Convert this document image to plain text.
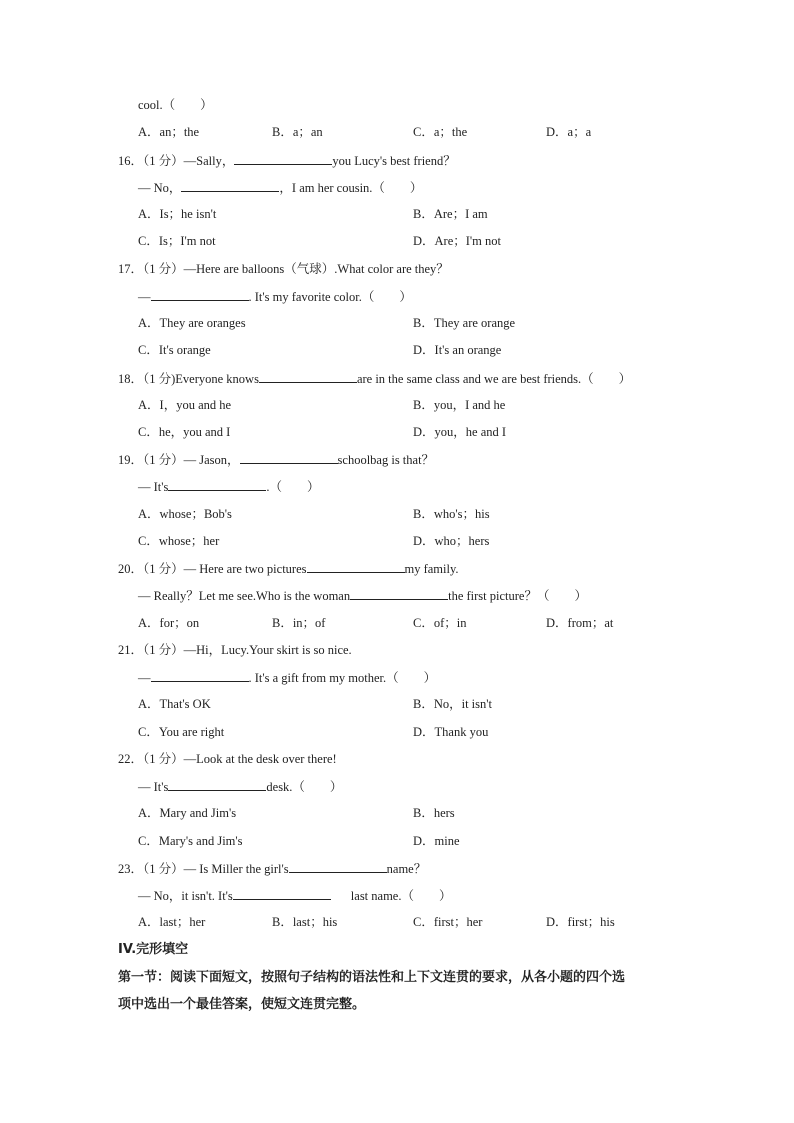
cool.（　　）
A．an；the	B．a；an	C．a；the	D．a；a
16．（1 分）—Sally，	you Lucy's best friend？
— No，	，I am her cousin.（　　）
A．Is；he isn't	B．Are；I am
C．Is；I'm not	D．Are；I'm not
17．（1 分）—Here are balloons（气球）.What color are they？
—	. It's my favorite color.（　　）
A．They are oranges	B．They are orange
C．It's orange	D．It's an orange
18．（1 分)Everyone knows	are in the same class and we are best friends.（　　）
A．I，you and he	B．you，I and he
C．he，you and I	D．you，he and I
19．（1 分）— Jason，	schoolbag is that？
— It's	.（　　）
A．whose；Bob's	B．who's；his
C．whose；her	D．who；hers
20．（1 分）— Here are two pictures	my family.
— Really？Let me see.Who is the woman	the first picture？（　　）
A．for；on	B．in；of	C．of；in	D．from；at
21．（1 分）—Hi，Lucy.Your skirt is so nice.
—	. It's a gift from my mother.（　　）
A．That's OK	B．No，it isn't
C．You are right	D．Thank you
22．（1 分）—Look at the desk over there!
— It's	desk.（　　）
A．Mary and Jim's	B．hers
C．Mary's and Jim's	D．mine
23．（1 分）— Is Miller the girl's	name？
— No，it isn't. It's	last name.（　　）
A．last；her	B．last；his	C．first；her	D．first；his
IV.完形填空
第一节：阅读下面短文，按照句子结构的语法性和上下文连贯的要求，从各小题的四个选
项中选出一个最佳答案，使短文连贯完整。
